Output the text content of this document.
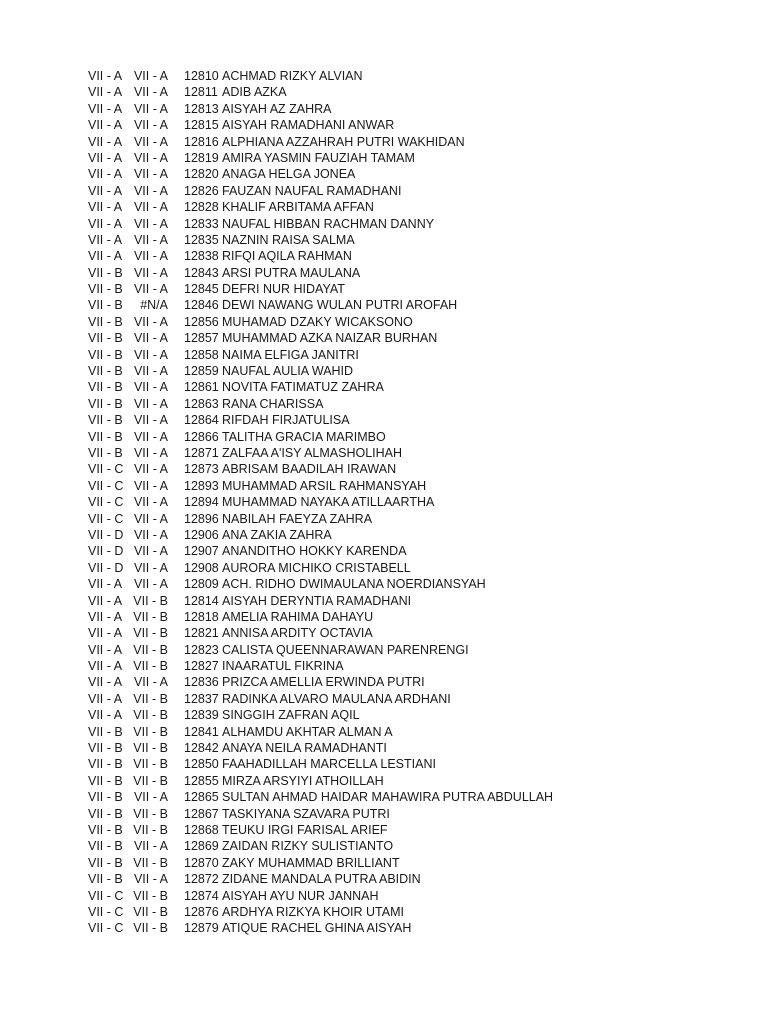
VII - A VII - A 12810 ACHMAD RIZKY ALVIAN
VII - A VII - A 12811 ADIB AZKA
VII - A VII - A 12813 AISYAH AZ ZAHRA
VII - A VII - A 12815 AISYAH RAMADHANI ANWAR
VII - A VII - A 12816 ALPHIANA AZZAHRAH PUTRI WAKHIDAN
VII - A VII - A 12819 AMIRA YASMIN FAUZIAH TAMAM
VII - A VII - A 12820 ANAGA HELGA JONEA
VII - A VII - A 12826 FAUZAN NAUFAL RAMADHANI
VII - A VII - A 12828 KHALIF ARBITAMA AFFAN
VII - A VII - A 12833 NAUFAL HIBBAN RACHMAN DANNY
VII - A VII - A 12835 NAZNIN RAISA SALMA
VII - A VII - A 12838 RIFQI AQILA RAHMAN
VII - B VII - A 12843 ARSI PUTRA MAULANA
VII - B VII - A 12845 DEFRI NUR HIDAYAT
VII - B	#N/A 12846 DEWI NAWANG WULAN PUTRI AROFAH
VII - B VII - A 12856 MUHAMAD DZAKY WICAKSONO
VII - B VII - A 12857 MUHAMMAD AZKA NAIZAR BURHAN
VII - B VII - A 12858 NAIMA ELFIGA JANITRI
VII - B VII - A 12859 NAUFAL AULIA WAHID
VII - B VII - A 12861 NOVITA FATIMATUZ ZAHRA
VII - B VII - A 12863 RANA CHARISSA
VII - B VII - A 12864 RIFDAH FIRJATULISA
VII - B VII - A 12866 TALITHA GRACIA MARIMBO
VII - B VII - A 12871 ZALFAA A'ISY ALMASHOLIHAH
VII - C VII - A 12873 ABRISAM BAADILAH IRAWAN
VII - C VII - A 12893 MUHAMMAD ARSIL RAHMANSYAH
VII - C VII - A 12894 MUHAMMAD NAYAKA ATILLAARTHA
VII - C VII - A 12896 NABILAH FAEYZA ZAHRA
VII - D VII - A 12906 ANA ZAKIA ZAHRA
VII - D VII - A 12907 ANANDITHO HOKKY KARENDA
VII - D VII - A 12908 AURORA MICHIKO CRISTABELL
VII - A VII - A 12809 ACH. RIDHO DWIMAULANA NOERDIANSYAH
VII - A VII - B 12814 AISYAH DERYNTIA RAMADHANI
VII - A VII - B 12818 AMELIA RAHIMA DAHAYU
VII - A VII - B 12821 ANNISA ARDITY OCTAVIA
VII - A VII - B 12823 CALISTA QUEENNARAWAN PARENRENGI
VII - A VII - B 12827 INAARATUL FIKRINA
VII - A VII - A 12836 PRIZCA AMELLIA ERWINDA PUTRI
VII - A VII - B 12837 RADINKA ALVARO MAULANA ARDHANI
VII - A VII - B 12839 SINGGIH ZAFRAN AQIL
VII - B VII - B 12841 ALHAMDU AKHTAR ALMAN A
VII - B VII - B 12842 ANAYA NEILA RAMADHANTI
VII - B VII - B 12850 FAAHADILLAH MARCELLA LESTIANI
VII - B VII - B 12855 MIRZA ARSYIYI ATHOILLAH
VII - B VII - A 12865 SULTAN AHMAD HAIDAR MAHAWIRA PUTRA ABDULLAH
VII - B VII - B 12867 TASKIYANA SZAVARA PUTRI
VII - B VII - B 12868 TEUKU IRGI FARISAL ARIEF
VII - B VII - A 12869 ZAIDAN RIZKY SULISTIANTO
VII - B VII - B 12870 ZAKY MUHAMMAD BRILLIANT
VII - B VII - A 12872 ZIDANE MANDALA PUTRA ABIDIN
VII - C VII - B 12874 AISYAH AYU NUR JANNAH
VII - C VII - B 12876 ARDHYA RIZKYA KHOIR UTAMI
VII - C VII - B 12879 ATIQUE RACHEL GHINA AISYAH
